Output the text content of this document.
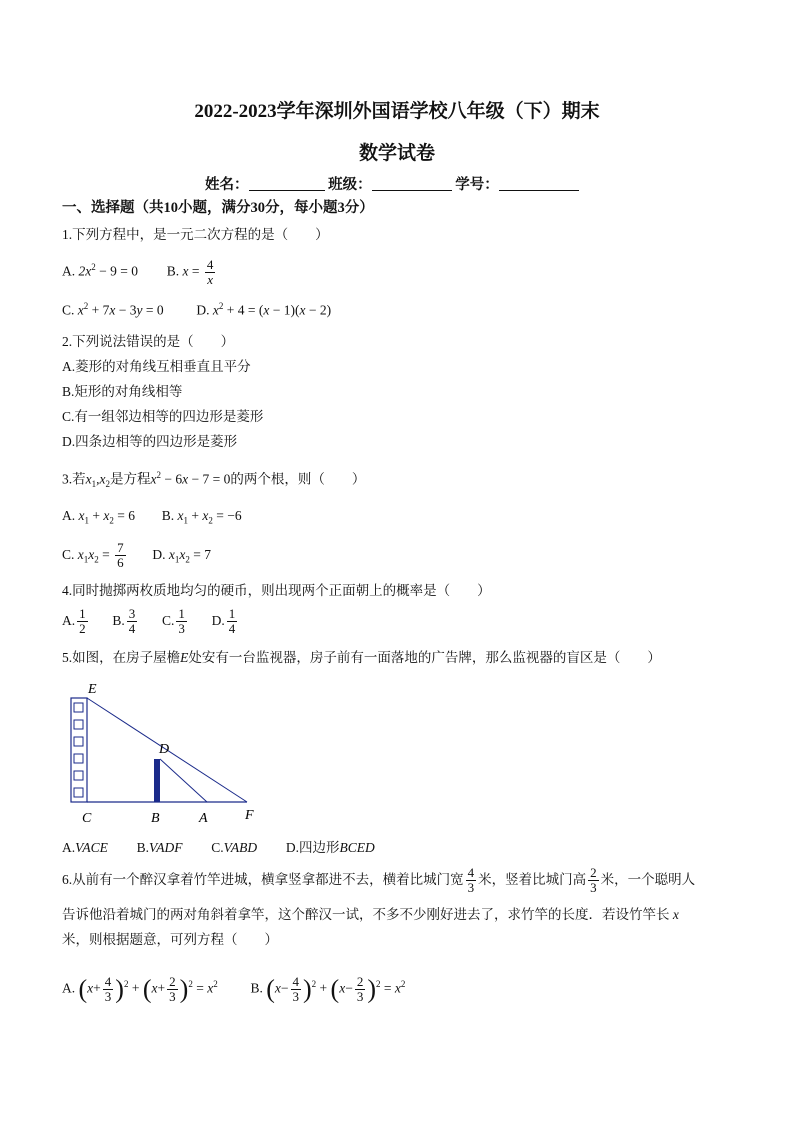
2022-2023学年深圳外国语学校八年级（下）期末
数学试卷
姓名：	班级：	学号：
一、选择题（共10小题，满分30分，每小题3分）
1.下列方程中，是一元二次方程的是（　　）
A. $2x^2 - 9 = 0$  B. $x = \frac{4}{x}$
C. $x^2 + 7x - 3y = 0$  D. $x^2 + 4 = (x - 1)(x - 2)$
2.下列说法错误的是（　　）
A.菱形的对角线互相垂直且平分
B.矩形的对角线相等
C.有一组邻边相等的四边形是菱形
D.四条边相等的四边形是菱形
3.若$x_1,x_2$是方程$x^2 - 6x - 7 = 0$的两个根，则（　　）
A. $x_1 + x_2 = 6$  B. $x_1 + x_2 = -6$
C. $x_1x_2 = \frac{7}{6} D$. $x_1x_2 = 7$
4.同时抛掷两枚质地均匀的硬币，则出现两个正面朝上的概率是（　　）
A. $\frac{1}{2} B$. $\frac{3}{4} C$. $\frac{1}{3} D$. $\frac{1}{4}$
5.如图，在房子屋檐E处安有一台监视器，房子前有一面落地的广告牌，那么监视器的盲区是（　　）
E
D
C	B	A	F
A.VACE B.VADF C.VABD D.四边形BCED
6.从前有一个醉汉拿着竹竿进城，横拿竖拿都进不去，横着比城门宽 $\frac{4}{3}$ 米，竖着比城门高 $\frac{2}{3}$ 米，一个聪明人
告诉他沿着城门的两对角斜着拿竿，这个醉汉一试，不多不少刚好进去了，求竹竿的长度．若设竹竿长 x
米，则根据题意，可列方程（　　）
A. $(x+ \frac{4}{3} )^2 + (x+ \frac{2}{3} )^2 = x^2$ B. $(x- \frac{4}{3} )^2 + (x- \frac{2}{3} )^2 = x^2$
